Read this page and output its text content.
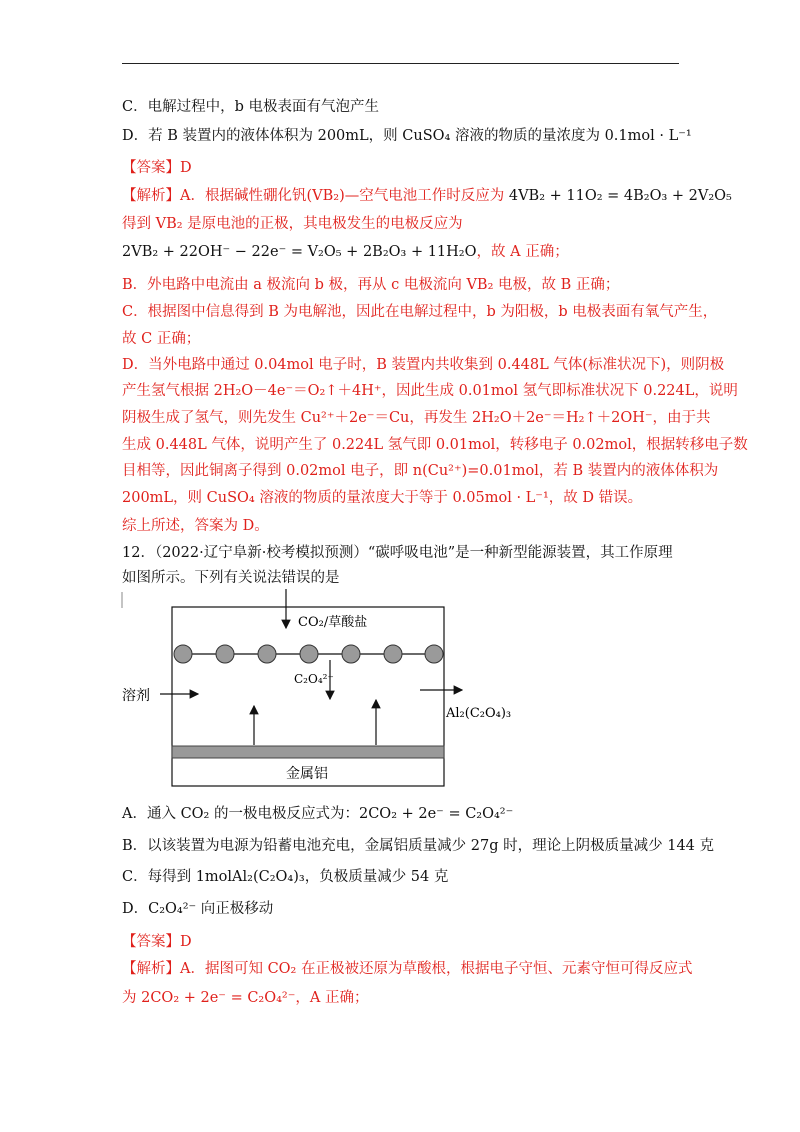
C．电解过程中，b 电极表面有气泡产生
D．若 B 装置内的液体体积为 200mL，则 CuSO₄ 溶液的物质的量浓度为 0.1mol · L⁻¹
【答案】D
【解析】A．根据碱性硼化钒(VB₂)—空气电池工作时反应为 4VB₂ + 11O₂ = 4B₂O₃ + 2V₂O₅
得到 VB₂ 是原电池的正极，其电极发生的电极反应为
2VB₂ + 22OH⁻ − 22e⁻ = V₂O₅ + 2B₂O₃ + 11H₂O，故 A 正确；
B．外电路中电流由 a 极流向 b 极，再从 c 电极流向 VB₂ 电极，故 B 正确；
C．根据图中信息得到 B 为电解池，因此在电解过程中，b 为阳极，b 电极表面有氧气产生，
故 C 正确；
D．当外电路中通过 0.04mol 电子时，B 装置内共收集到 0.448L 气体(标准状况下)，则阴极
产生氢气根据 2H₂O－4e⁻＝O₂↑＋4H⁺，因此生成 0.01mol 氢气即标准状况下 0.224L，说明
阴极生成了氢气，则先发生 Cu²⁺＋2e⁻＝Cu，再发生 2H₂O＋2e⁻＝H₂↑＋2OH⁻，由于共
生成 0.448L 气体，说明产生了 0.224L 氢气即 0.01mol，转移电子 0.02mol，根据转移电子数
目相等，因此铜离子得到 0.02mol 电子，即 n(Cu²⁺)=0.01mol，若 B 装置内的液体体积为
200mL，则 CuSO₄ 溶液的物质的量浓度大于等于 0.05mol · L⁻¹，故 D 错误。
综上所述，答案为 D。
12．（2022·辽宁阜新·校考模拟预测）“碳呼吸电池”是一种新型能源装置，其工作原理
如图所示。下列有关说法错误的是
CO₂/草酸盐
C₂O₄²⁻
溶剂
Al₂(C₂O₄)₃
金属铝
A．通入 CO₂ 的一极电极反应式为：2CO₂ + 2e⁻ = C₂O₄²⁻
B．以该装置为电源为铅蓄电池充电，金属铝质量减少 27g 时，理论上阴极质量减少 144 克
C．每得到 1molAl₂(C₂O₄)₃，负极质量减少 54 克
D．C₂O₄²⁻ 向正极移动
【答案】D
【解析】A．据图可知 CO₂ 在正极被还原为草酸根，根据电子守恒、元素守恒可得反应式
为 2CO₂ + 2e⁻ = C₂O₄²⁻，A 正确；
